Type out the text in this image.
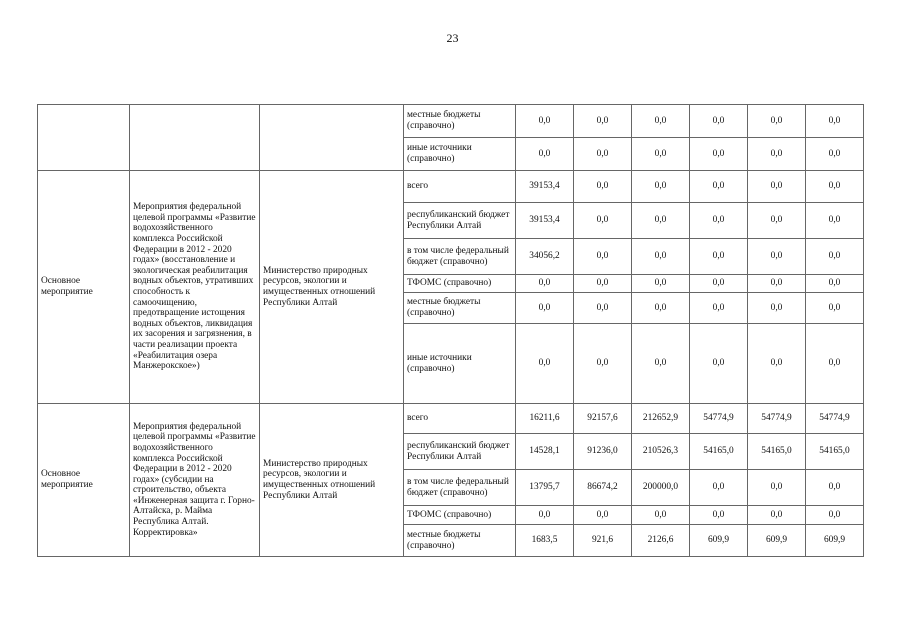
23
			местные бюджеты (справочно)	0,0	0,0	0,0	0,0	0,0	0,0
			иные источники (справочно)	0,0	0,0	0,0	0,0	0,0	0,0
Основное мероприятие	Мероприятия федеральной целевой программы «Развитие водохозяйственного комплекса Российской Федерации в 2012 - 2020 годах» (восстановление и экологическая реабилитация водных объектов, утративших способность к самоочищению, предотвращение истощения водных объектов, ликвидация их засорения и загрязнения, в части реализации проекта «Реабилитация озера Манжерокское»)	Министерство природных ресурсов, экологии и имущественных отношений Республики Алтай	всего	39153,4	0,0	0,0	0,0	0,0	0,0
			республиканский бюджет Республики Алтай	39153,4	0,0	0,0	0,0	0,0	0,0
			в том числе федеральный бюджет (справочно)	34056,2	0,0	0,0	0,0	0,0	0,0
			ТФОМС (справочно)	0,0	0,0	0,0	0,0	0,0	0,0
			местные бюджеты (справочно)	0,0	0,0	0,0	0,0	0,0	0,0
			иные источники (справочно)	0,0	0,0	0,0	0,0	0,0	0,0
Основное мероприятие	Мероприятия федеральной целевой программы «Развитие водохозяйственного комплекса Российской Федерации в 2012 - 2020 годах» (субсидии на строительство, объекта «Инженерная защита г. Горно-Алтайска, р. Майма Республика Алтай. Корректировка»	Министерство природных ресурсов, экологии и имущественных отношений Республики Алтай	всего	16211,6	92157,6	212652,9	54774,9	54774,9	54774,9
			республиканский бюджет Республики Алтай	14528,1	91236,0	210526,3	54165,0	54165,0	54165,0
			в том числе федеральный бюджет (справочно)	13795,7	86674,2	200000,0	0,0	0,0	0,0
			ТФОМС (справочно)	0,0	0,0	0,0	0,0	0,0	0,0
			местные бюджеты (справочно)	1683,5	921,6	2126,6	609,9	609,9	609,9
